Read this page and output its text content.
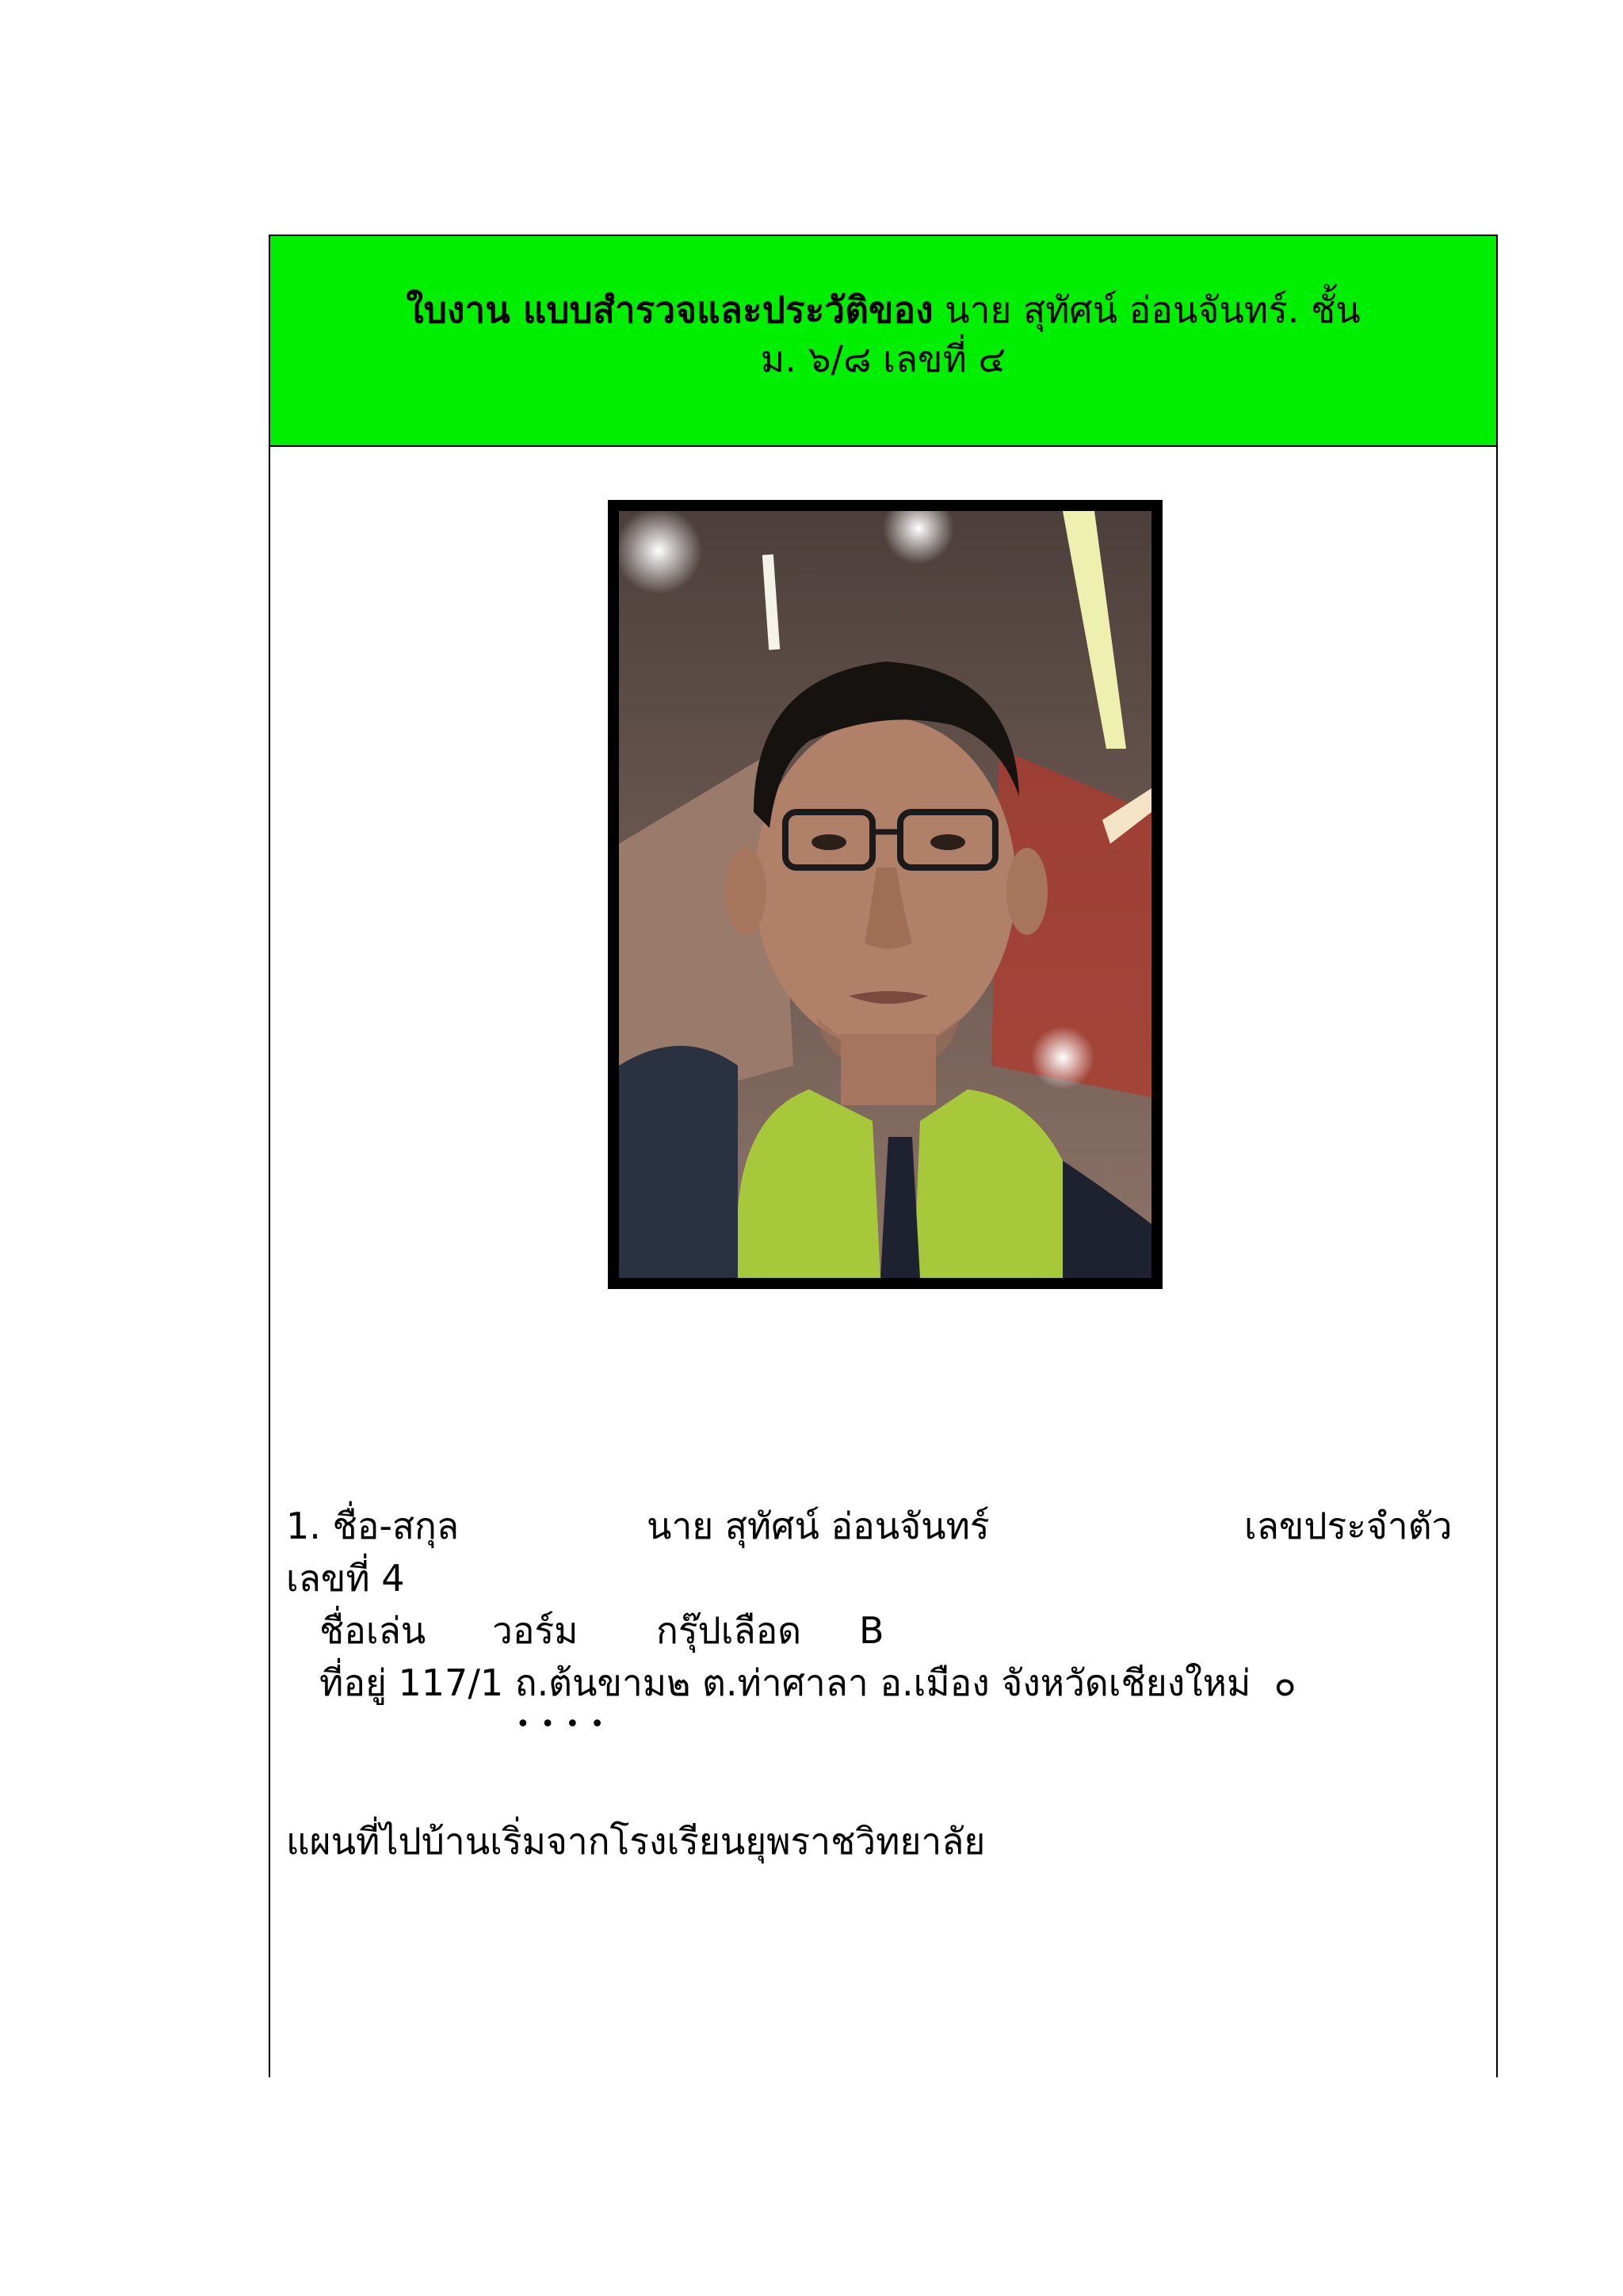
ใบงาน แบบสำรวจและประวัติของ นาย สุทัศน์ อ่อนจันทร์. ชั้น
ม. ๖/๘ เลขที่ ๔
1. ชื่อ-สกุล	นาย สุทัศน์ อ่อนจันทร์	เลขประจำตัว
เลขที่ 4
ชื่อเล่น	วอร์ม	กรุ๊ปเลือด	B
ที่อยู่ 117/1 ถ.ต้นขาม๒ ต.ท่าศาลา อ.เมือง จังหวัดเชียงใหม่  ๐
• • • •
แผนที่ไปบ้านเริ่มจากโรงเรียนยุพราชวิทยาลัย
